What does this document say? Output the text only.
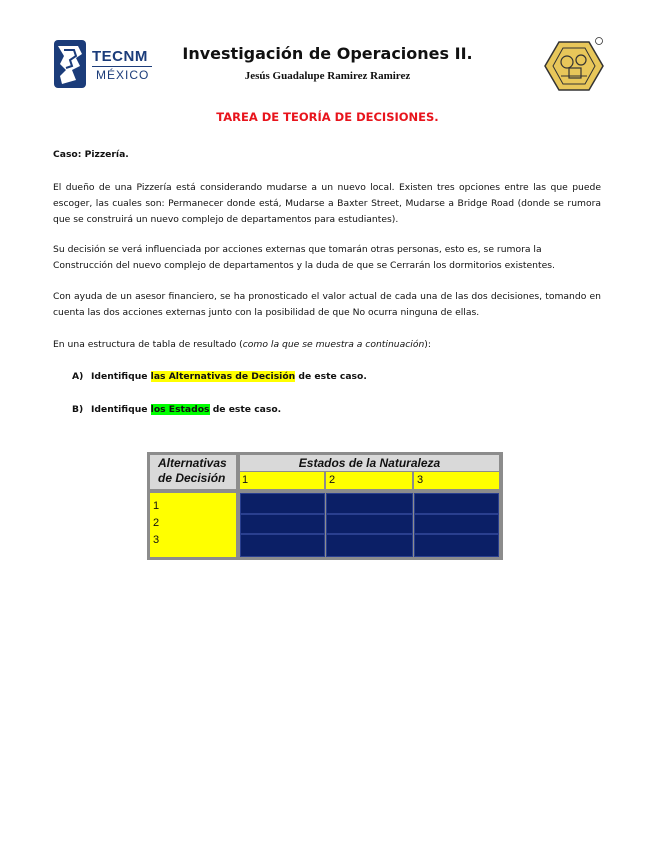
TECNM
MÉXICO
Investigación de Operaciones II.
Jesús Guadalupe Ramirez Ramirez
TAREA DE TEORÍA DE DECISIONES.
Caso: Pizzería.
El dueño de una Pizzería está considerando mudarse a un nuevo local. Existen tres opciones entre las que puede escoger, las cuales son: Permanecer donde está, Mudarse a Baxter Street, Mudarse a Bridge Road (donde se rumora que se construirá un nuevo complejo de departamentos para estudiantes).
Su decisión se verá influenciada por acciones externas que tomarán otras personas, esto es, se rumora la
Construcción del nuevo complejo de departamentos y la duda de que se Cerrarán los dormitorios existentes.
Con ayuda de un asesor financiero, se ha pronosticado el valor actual de cada una de las dos decisiones, tomando en cuenta las dos acciones externas junto con la posibilidad de que No ocurra ninguna de ellas.
En una estructura de tabla de resultado (como la que se muestra a continuación):
A) Identifique las Alternativas de Decisión de este caso.
B) Identifique los Estados de este caso.
Alternativas
de Decisión
Estados de la Naturaleza
1	2	3
1
2
3
